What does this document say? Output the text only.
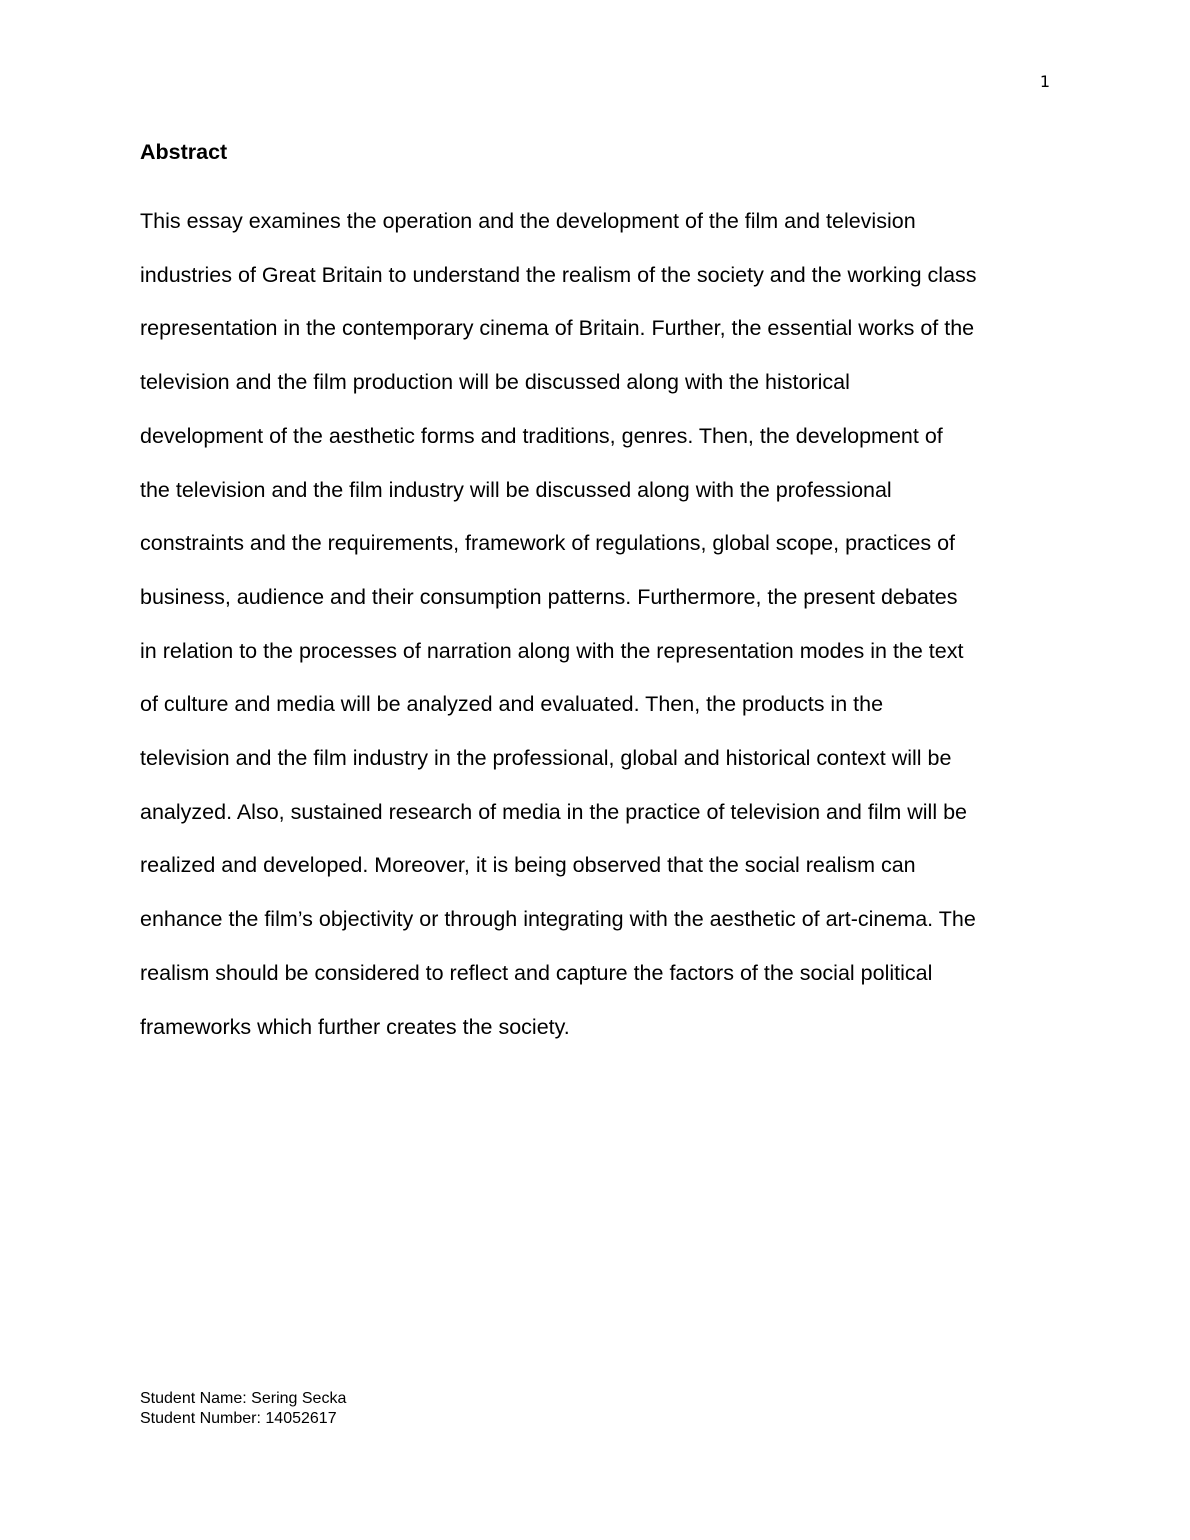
1
Abstract

This essay examines the operation and the development of the film and television
industries of Great Britain to understand the realism of the society and the working class
representation in the contemporary cinema of Britain. Further, the essential works of the
television and the film production will be discussed along with the historical
development of the aesthetic forms and traditions, genres. Then, the development of
the television and the film industry will be discussed along with the professional
constraints and the requirements, framework of regulations, global scope, practices of
business, audience and their consumption patterns. Furthermore, the present debates
in relation to the processes of narration along with the representation modes in the text
of culture and media will be analyzed and evaluated. Then, the products in the
television and the film industry in the professional, global and historical context will be
analyzed. Also, sustained research of media in the practice of television and film will be
realized and developed. Moreover, it is being observed that the social realism can
enhance the film’s objectivity or through integrating with the aesthetic of art-cinema. The
realism should be considered to reflect and capture the factors of the social political
frameworks which further creates the society.

Student Name: Sering Secka
Student Number: 14052617
